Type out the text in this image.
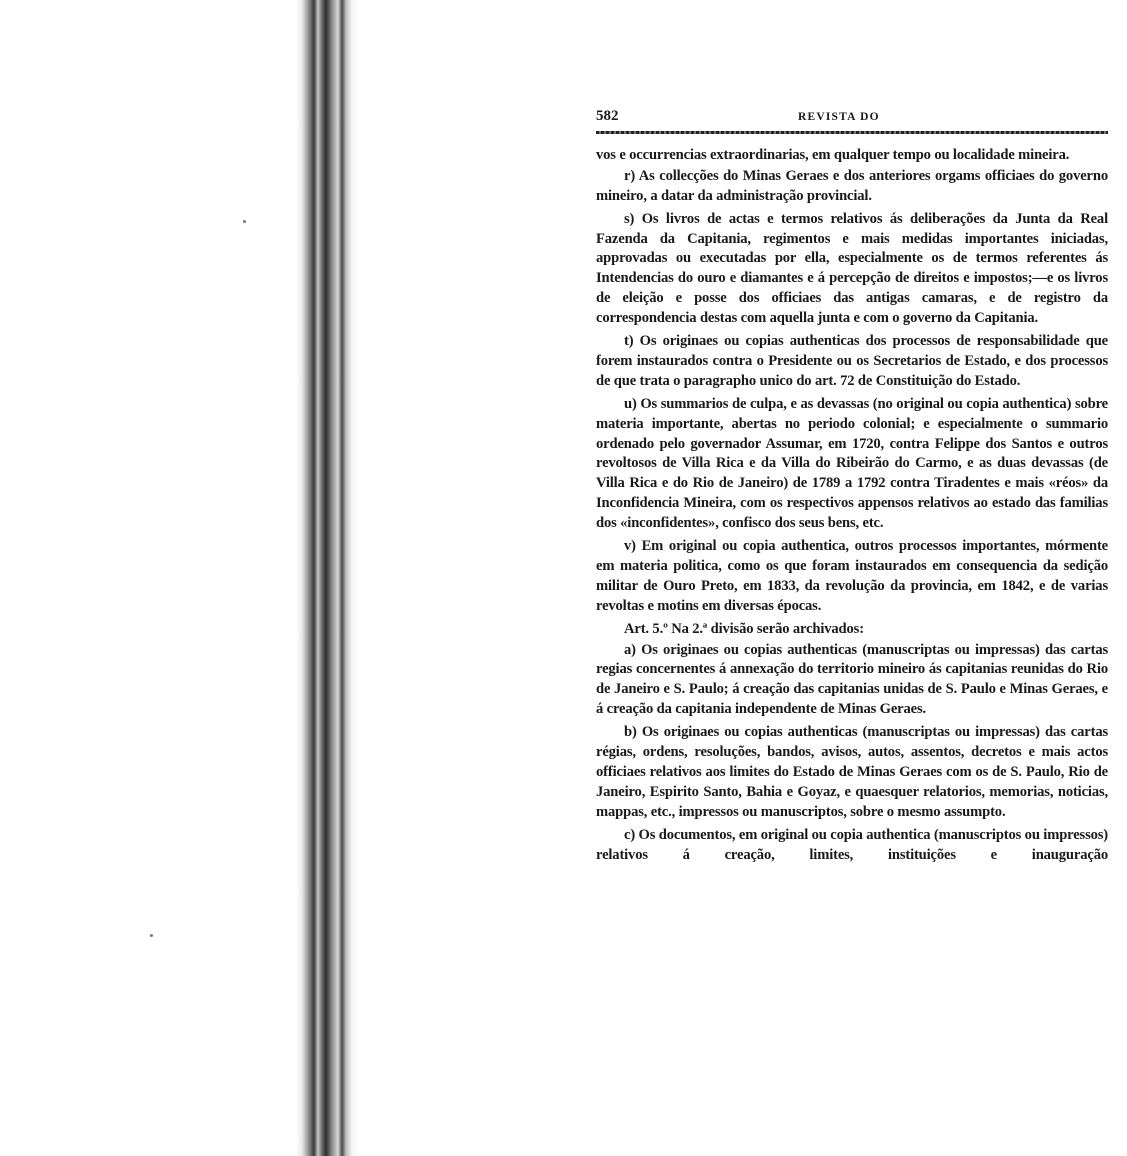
582	REVISTA DO

vos e occurrencias extraordinarias, em qualquer tempo ou localidade mineira.

r) As collecções do Minas Geraes e dos anteriores orgams officiaes do governo mineiro, a datar da administração provincial.

s) Os livros de actas e termos relativos ás deliberações da Junta da Real Fazenda da Capitania, regimentos e mais medidas importantes iniciadas, approvadas ou executadas por ella, especialmente os de termos referentes ás Intendencias do ouro e diamantes e á percepção de direitos e impostos;—e os livros de eleição e posse dos officiaes das antigas camaras, e de registro da correspondencia destas com aquella junta e com o governo da Capitania.

t) Os originaes ou copias authenticas dos processos de responsabilidade que forem instaurados contra o Presidente ou os Secretarios de Estado, e dos processos de que trata o paragrapho unico do art. 72 de Constituição do Estado.

u) Os summarios de culpa, e as devassas (no original ou copia authentica) sobre materia importante, abertas no periodo colonial; e especialmente o summario ordenado pelo governador Assumar, em 1720, contra Felippe dos Santos e outros revoltosos de Villa Rica e da Villa do Ribeirão do Carmo, e as duas devassas (de Villa Rica e do Rio de Janeiro) de 1789 a 1792 contra Tiradentes e mais «réos» da Inconfidencia Mineira, com os respectivos appensos relativos ao estado das familias dos «inconfidentes», confisco dos seus bens, etc.

v) Em original ou copia authentica, outros processos importantes, mórmente em materia politica, como os que foram instaurados em consequencia da sedição militar de Ouro Preto, em 1833, da revolução da provincia, em 1842, e de varias revoltas e motins em diversas épocas.

Art. 5.º Na 2.ª divisão serão archivados:

a) Os originaes ou copias authenticas (manuscriptas ou impressas) das cartas regias concernentes á annexação do territorio mineiro ás capitanias reunidas do Rio de Janeiro e S. Paulo; á creação das capitanias unidas de S. Paulo e Minas Geraes, e á creação da capitania independente de Minas Geraes.

b) Os originaes ou copias authenticas (manuscriptas ou impressas) das cartas régias, ordens, resoluções, bandos, avisos, autos, assentos, decretos e mais actos officiaes relativos aos limites do Estado de Minas Geraes com os de S. Paulo, Rio de Janeiro, Espirito Santo, Bahia e Goyaz, e quaesquer relatorios, memorias, noticias, mappas, etc., impressos ou manuscriptos, sobre o mesmo assumpto.

c) Os documentos, em original ou copia authentica (manuscriptos ou impressos) relativos á creação, limites, instituições e inauguração
